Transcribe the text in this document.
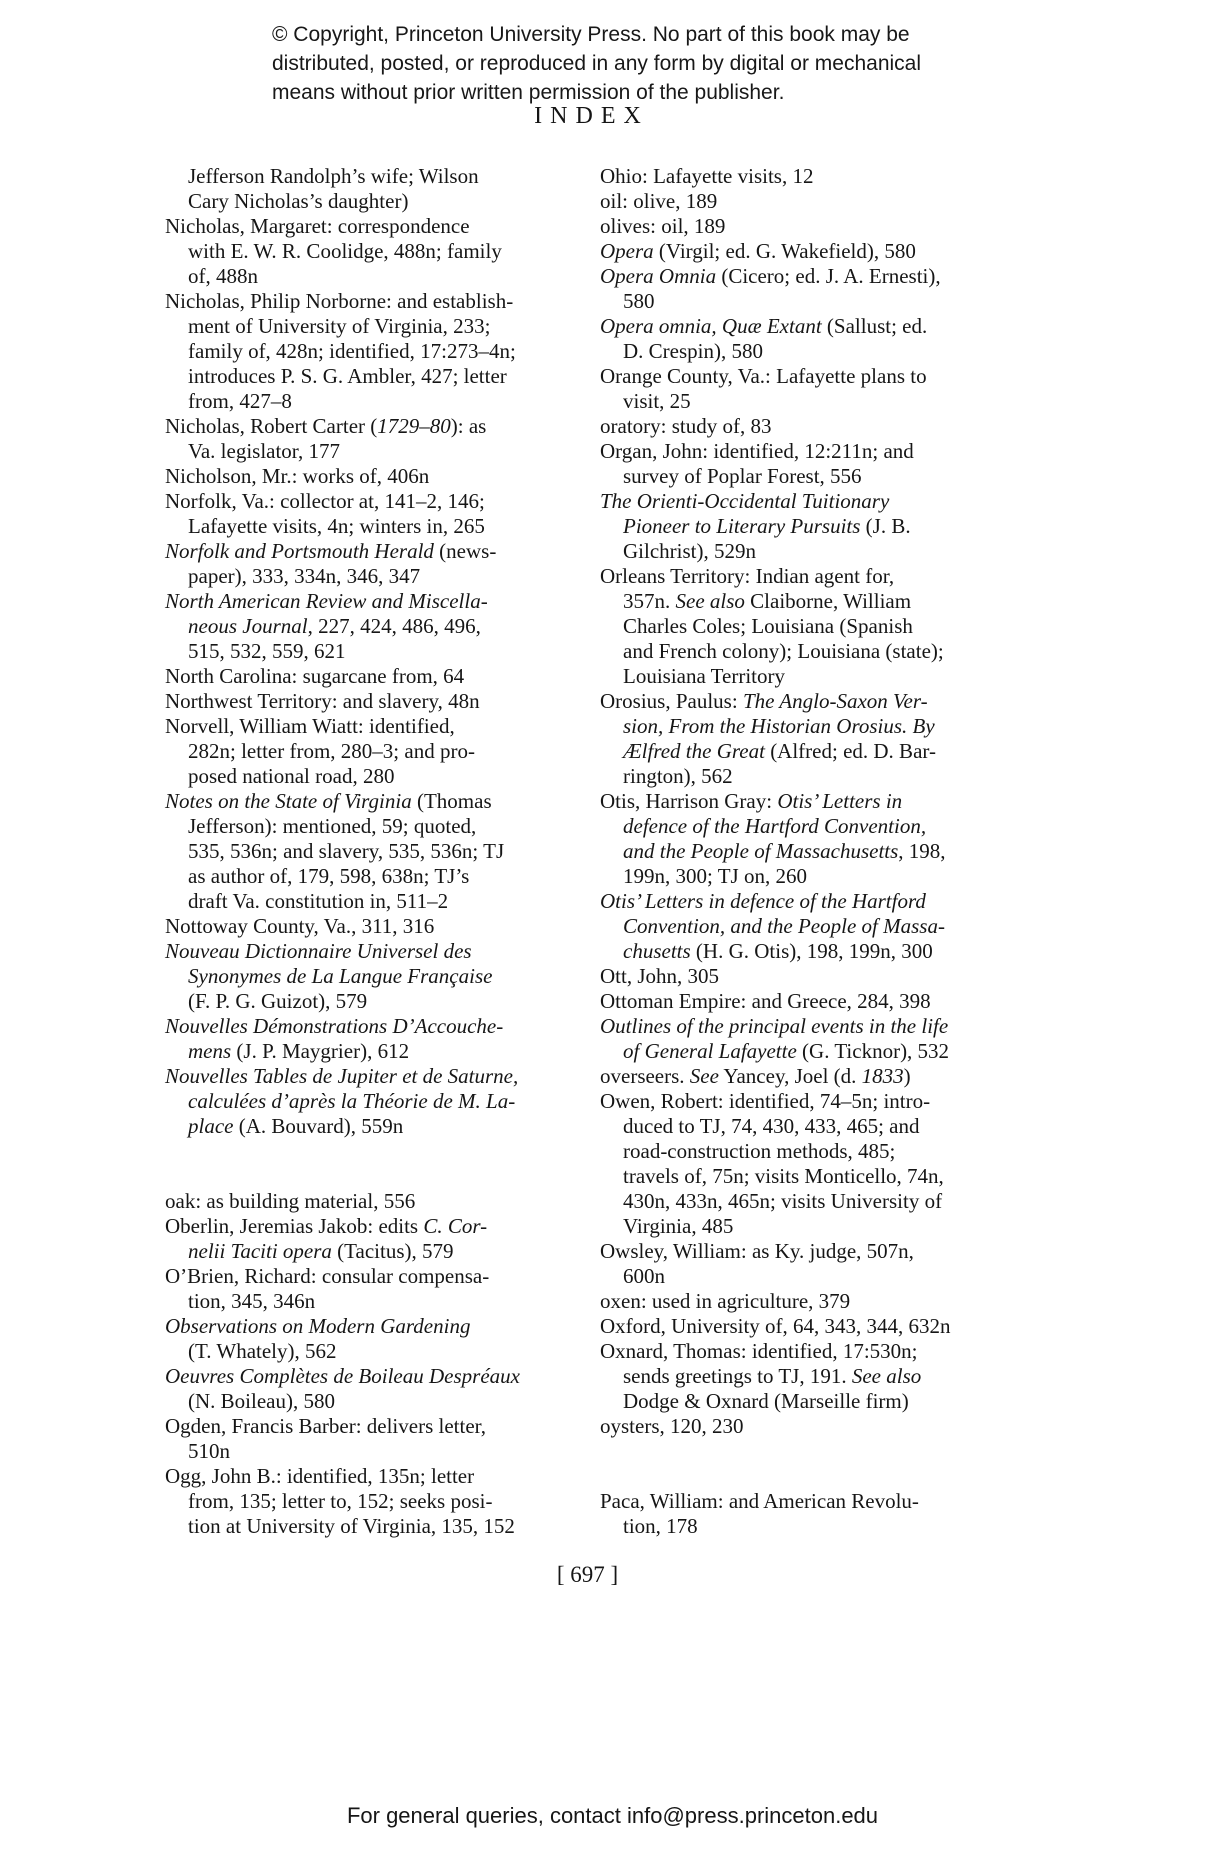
© Copyright, Princeton University Press. No part of this book may be
distributed, posted, or reproduced in any form by digital or mechanical
means without prior written permission of the publisher.
INDEX
Jefferson Randolph’s wife; Wilson
Cary Nicholas’s daughter)
Nicholas, Margaret: correspondence
with E. W. R. Coolidge, 488n; family
of, 488n
Nicholas, Philip Norborne: and establish-
ment of University of Virginia, 233;
family of, 428n; identified, 17:273–4n;
introduces P. S. G. Ambler, 427; letter
from, 427–8
Nicholas, Robert Carter (1729–80): as
Va. legislator, 177
Nicholson, Mr.: works of, 406n
Norfolk, Va.: collector at, 141–2, 146;
Lafayette visits, 4n; winters in, 265
Norfolk and Portsmouth Herald (news-
paper), 333, 334n, 346, 347
North American Review and Miscella-
neous Journal, 227, 424, 486, 496,
515, 532, 559, 621
North Carolina: sugarcane from, 64
Northwest Territory: and slavery, 48n
Norvell, William Wiatt: identified,
282n; letter from, 280–3; and pro-
posed national road, 280
Notes on the State of Virginia (Thomas
Jefferson): mentioned, 59; quoted,
535, 536n; and slavery, 535, 536n; TJ
as author of, 179, 598, 638n; TJ’s
draft Va. constitution in, 511–2
Nottoway County, Va., 311, 316
Nouveau Dictionnaire Universel des
Synonymes de La Langue Française
(F. P. G. Guizot), 579
Nouvelles Démonstrations D’Accouche-
mens (J. P. Maygrier), 612
Nouvelles Tables de Jupiter et de Saturne,
calculées d’après la Théorie de M. La-
place (A. Bouvard), 559n
oak: as building material, 556
Oberlin, Jeremias Jakob: edits C. Cor-
nelii Taciti opera (Tacitus), 579
O’Brien, Richard: consular compensa-
tion, 345, 346n
Observations on Modern Gardening
(T. Whately), 562
Oeuvres Complètes de Boileau Despréaux
(N. Boileau), 580
Ogden, Francis Barber: delivers letter,
510n
Ogg, John B.: identified, 135n; letter
from, 135; letter to, 152; seeks posi-
tion at University of Virginia, 135, 152
Ohio: Lafayette visits, 12
oil: olive, 189
olives: oil, 189
Opera (Virgil; ed. G. Wakefield), 580
Opera Omnia (Cicero; ed. J. A. Ernesti),
580
Opera omnia, Quæ Extant (Sallust; ed.
D. Crespin), 580
Orange County, Va.: Lafayette plans to
visit, 25
oratory: study of, 83
Organ, John: identified, 12:211n; and
survey of Poplar Forest, 556
The Orienti-Occidental Tuitionary
Pioneer to Literary Pursuits (J. B.
Gilchrist), 529n
Orleans Territory: Indian agent for,
357n. See also Claiborne, William
Charles Coles; Louisiana (Spanish
and French colony); Louisiana (state);
Louisiana Territory
Orosius, Paulus: The Anglo-Saxon Ver-
sion, From the Historian Orosius. By
Ælfred the Great (Alfred; ed. D. Bar-
rington), 562
Otis, Harrison Gray: Otis’ Letters in
defence of the Hartford Convention,
and the People of Massachusetts, 198,
199n, 300; TJ on, 260
Otis’ Letters in defence of the Hartford
Convention, and the People of Massa-
chusetts (H. G. Otis), 198, 199n, 300
Ott, John, 305
Ottoman Empire: and Greece, 284, 398
Outlines of the principal events in the life
of General Lafayette (G. Ticknor), 532
overseers. See Yancey, Joel (d. 1833)
Owen, Robert: identified, 74–5n; intro-
duced to TJ, 74, 430, 433, 465; and
road-construction methods, 485;
travels of, 75n; visits Monticello, 74n,
430n, 433n, 465n; visits University of
Virginia, 485
Owsley, William: as Ky. judge, 507n,
600n
oxen: used in agriculture, 379
Oxford, University of, 64, 343, 344, 632n
Oxnard, Thomas: identified, 17:530n;
sends greetings to TJ, 191. See also
Dodge & Oxnard (Marseille firm)
oysters, 120, 230
Paca, William: and American Revolu-
tion, 178
[ 697 ]
For general queries, contact info@press.princeton.edu
